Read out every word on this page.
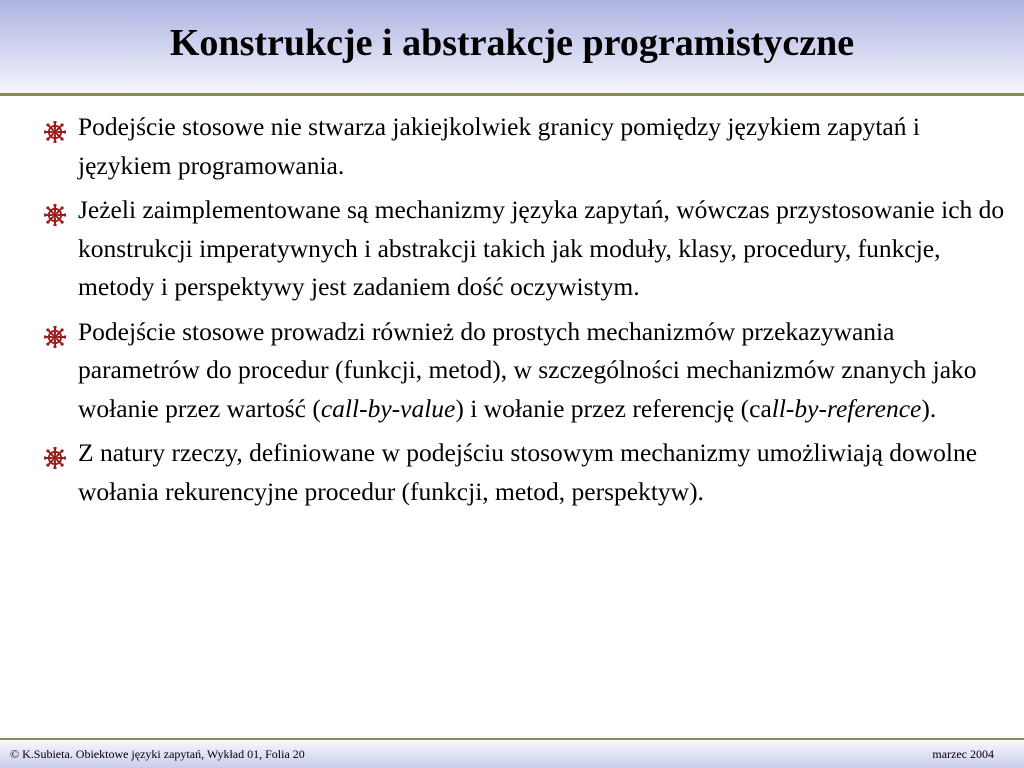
Konstrukcje i abstrakcje programistyczne
Podejście stosowe nie stwarza jakiejkolwiek granicy pomiędzy językiem zapytań i językiem programowania.
Jeżeli zaimplementowane są mechanizmy języka zapytań, wówczas przystosowanie ich do konstrukcji imperatywnych i abstrakcji takich jak moduły, klasy, procedury, funkcje, metody i perspektywy jest zadaniem dość oczywistym.
Podejście stosowe prowadzi również do prostych mechanizmów przekazywania parametrów do procedur (funkcji, metod), w szczególności mechanizmów znanych jako wołanie przez wartość (call-by-value) i wołanie przez referencję (call-by-reference).
Z natury rzeczy, definiowane w podejściu stosowym mechanizmy umożliwiają dowolne wołania rekurencyjne procedur (funkcji, metod, perspektyw).
© K.Subieta. Obiektowe języki zapytań, Wykład 01, Folia 20	marzec 2004
